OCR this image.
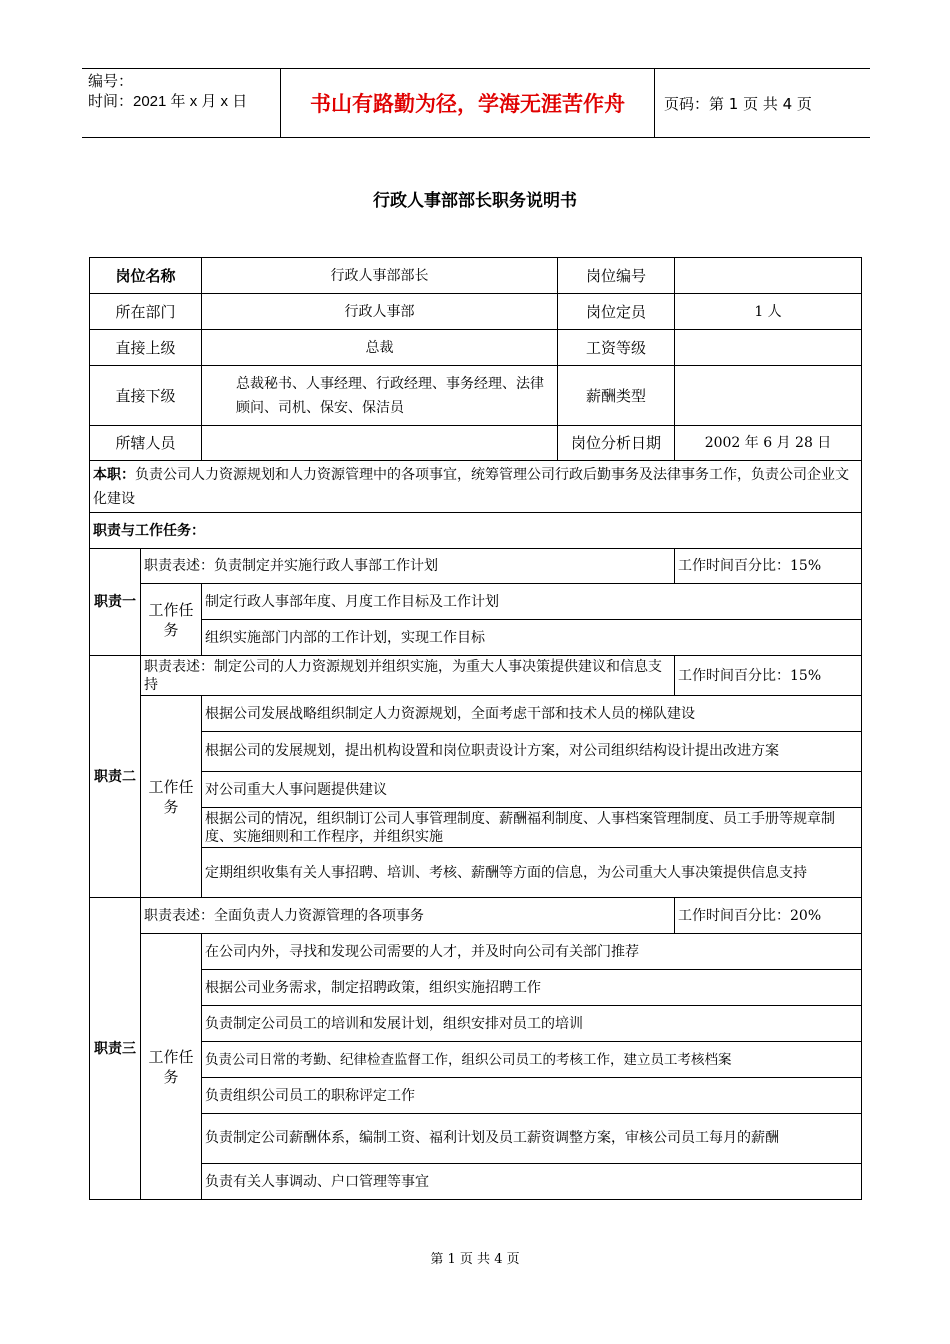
编号：
时间：2021 年 x 月 x 日	书山有路勤为径，学海无涯苦作舟	页码：第 1 页 共 4 页
行政人事部部长职务说明书
岗位名称		行政人事部部长	岗位编号	
所在部门		行政人事部	岗位定员	1 人
直接上级		总裁	工资等级	
直接下级		总裁秘书、人事经理、行政经理、事务经理、法律顾问、司机、保安、保洁员	薪酬类型	
所辖人员			岗位分析日期	2002 年 6 月 28 日
本职：负责公司人力资源规划和人力资源管理中的各项事宜，统筹管理公司行政后勤事务及法律事务工作，负责公司企业文化建设				
职责与工作任务：				
职责一	职责表述：负责制定并实施行政人事部工作计划			工作时间百分比：15%
	工作任务	制定行政人事部年度、月度工作目标及工作计划		
		组织实施部门内部的工作计划，实现工作目标		
职责二	职责表述：制定公司的人力资源规划并组织实施，为重大人事决策提供建议和信息支持			工作时间百分比：15%
	工作任务	根据公司发展战略组织制定人力资源规划，全面考虑干部和技术人员的梯队建设		
		根据公司的发展规划，提出机构设置和岗位职责设计方案，对公司组织结构设计提出改进方案		
		对公司重大人事问题提供建议		
		根据公司的情况，组织制订公司人事管理制度、薪酬福利制度、人事档案管理制度、员工手册等规章制度、实施细则和工作程序，并组织实施		
		定期组织收集有关人事招聘、培训、考核、薪酬等方面的信息，为公司重大人事决策提供信息支持		
职责三	职责表述：全面负责人力资源管理的各项事务			工作时间百分比：20%
	工作任务	在公司内外，寻找和发现公司需要的人才，并及时向公司有关部门推荐		
		根据公司业务需求，制定招聘政策，组织实施招聘工作		
		负责制定公司员工的培训和发展计划，组织安排对员工的培训		
		负责公司日常的考勤、纪律检查监督工作，组织公司员工的考核工作，建立员工考核档案		
		负责组织公司员工的职称评定工作		
		负责制定公司薪酬体系，编制工资、福利计划及员工薪资调整方案，审核公司员工每月的薪酬		
		负责有关人事调动、户口管理等事宜		
第 1 页 共 4 页
